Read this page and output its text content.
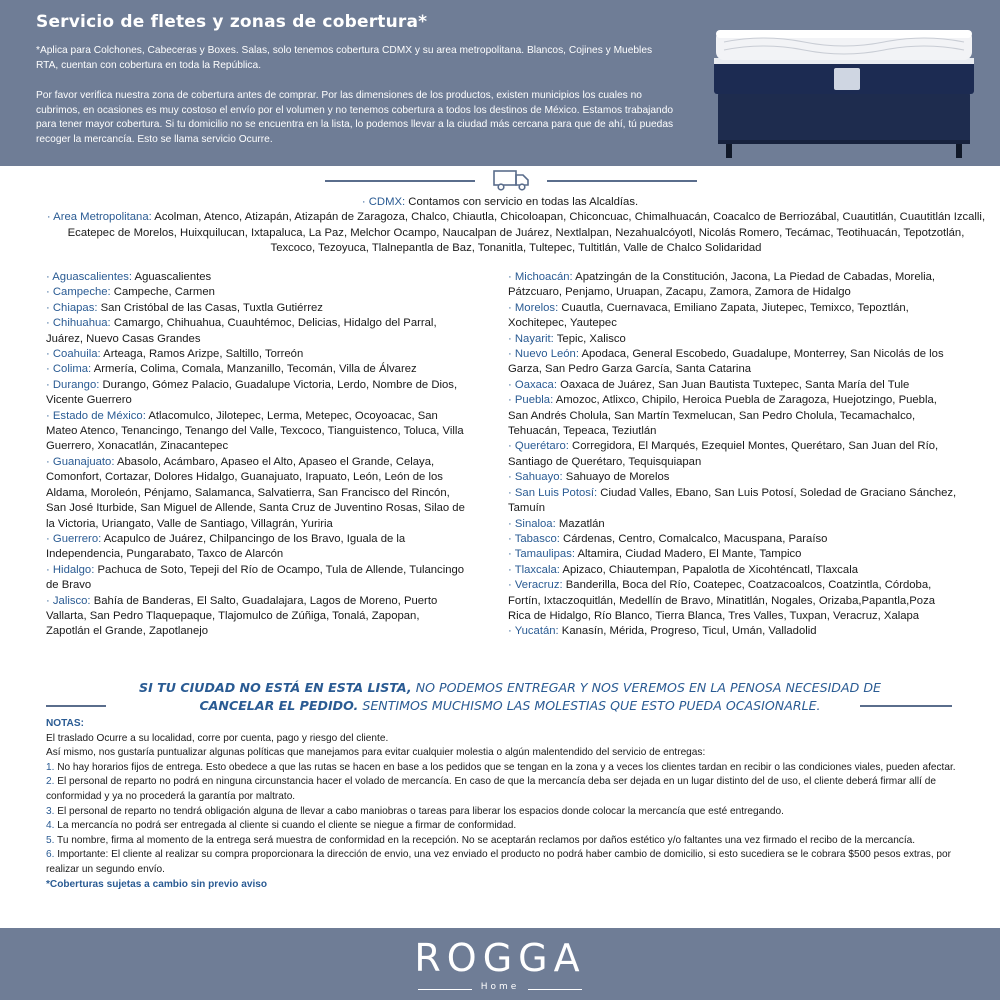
Servicio de fletes y zonas de cobertura*

*Aplica para Colchones, Cabeceras y Boxes. Salas, solo tenemos cobertura CDMX y su area metropolitana. Blancos, Cojines y Muebles RTA, cuentan con cobertura en toda la República.

Por favor verifica nuestra zona de cobertura antes de comprar. Por las dimensiones de los productos, existen municipios los cuales no cubrimos, en ocasiones es muy costoso el envío por el volumen y no tenemos cobertura a todos los destinos de México. Estamos trabajando para tener mayor cobertura. Si tu domicilio no se encuentra en la lista, lo podemos llevar a la ciudad más cercana para que de ahí, tú puedas recoger la mercancía. Esto se llama servicio Ocurre.

· CDMX: Contamos con servicio en todas las Alcaldías.
· Area Metropolitana: Acolman, Atenco, Atizapán, Atizapán de Zaragoza, Chalco, Chiautla, Chicoloapan, Chiconcuac, Chimalhuacán, Coacalco de Berriozábal, Cuautitlán, Cuautitlán Izcalli, Ecatepec de Morelos, Huixquilucan, Ixtapaluca, La Paz, Melchor Ocampo, Naucalpan de Juárez, Nextlalpan, Nezahualcóyotl, Nicolás Romero, Tecámac, Teotihuacán, Tepotzotlán, Texcoco, Tezoyuca, Tlalnepantla de Baz, Tonanitla, Tultepec, Tultitlán, Valle de Chalco Solidaridad
· Aguascalientes: Aguascalientes
· Campeche: Campeche, Carmen
· Chiapas: San Cristóbal de las Casas, Tuxtla Gutiérrez
· Chihuahua: Camargo, Chihuahua, Cuauhtémoc, Delicias, Hidalgo del Parral, Juárez, Nuevo Casas Grandes
· Coahuila: Arteaga, Ramos Arizpe, Saltillo, Torreón
· Colima: Armería, Colima, Comala, Manzanillo, Tecomán, Villa de Álvarez
· Durango: Durango, Gómez Palacio, Guadalupe Victoria, Lerdo, Nombre de Dios, Vicente Guerrero
· Estado de México: Atlacomulco, Jilotepec, Lerma, Metepec, Ocoyoacac, San Mateo Atenco, Tenancingo, Tenango del Valle, Texcoco, Tianguistenco, Toluca, Villa Guerrero, Xonacatlán, Zinacantepec
· Guanajuato: Abasolo, Acámbaro, Apaseo el Alto, Apaseo el Grande, Celaya, Comonfort, Cortazar, Dolores Hidalgo, Guanajuato, Irapuato, León, León de los Aldama, Moroleón, Pénjamo, Salamanca, Salvatierra, San Francisco del Rincón, San José Iturbide, San Miguel de Allende, Santa Cruz de Juventino Rosas, Silao de la Victoria, Uriangato, Valle de Santiago, Villagrán, Yuriria
· Guerrero: Acapulco de Juárez, Chilpancingo de los Bravo, Iguala de la Independencia, Pungarabato, Taxco de Alarcón
· Hidalgo: Pachuca de Soto, Tepeji del Río de Ocampo, Tula de Allende, Tulancingo de Bravo
· Jalisco: Bahía de Banderas, El Salto, Guadalajara, Lagos de Moreno, Puerto Vallarta, San Pedro Tlaquepaque, Tlajomulco de Zúñiga, Tonalá, Zapopan, Zapotlán el Grande, Zapotlanejo
· Michoacán: Apatzingán de la Constitución, Jacona, La Piedad de Cabadas, Morelia, Pátzcuaro, Penjamo, Uruapan, Zacapu, Zamora, Zamora de Hidalgo
· Morelos: Cuautla, Cuernavaca, Emiliano Zapata, Jiutepec, Temixco, Tepoztlán, Xochitepec, Yautepec
· Nayarit: Tepic, Xalisco
· Nuevo León: Apodaca, General Escobedo, Guadalupe, Monterrey, San Nicolás de los Garza, San Pedro Garza García, Santa Catarina
· Oaxaca: Oaxaca de Juárez, San Juan Bautista Tuxtepec, Santa María del Tule
· Puebla: Amozoc, Atlixco, Chipilo, Heroica Puebla de Zaragoza, Huejotzingo, Puebla, San Andrés Cholula, San Martín Texmelucan, San Pedro Cholula, Tecamachalco,
Tehuacán, Tepeaca, Teziutlán
· Querétaro: Corregidora, El Marqués, Ezequiel Montes, Querétaro, San Juan del Río, Santiago de Querétaro, Tequisquiapan
· Sahuayo: Sahuayo de Morelos
· San Luis Potosí: Ciudad Valles, Ebano, San Luis Potosí, Soledad de Graciano Sánchez, Tamuín
· Sinaloa: Mazatlán
· Tabasco: Cárdenas, Centro, Comalcalco, Macuspana, Paraíso
· Tamaulipas: Altamira, Ciudad Madero, El Mante, Tampico
· Tlaxcala: Apizaco, Chiautempan, Papalotla de Xicohténcatl, Tlaxcala
· Veracruz: Banderilla, Boca del Río, Coatepec, Coatzacoalcos, Coatzintla, Córdoba, Fortín, Ixtaczoquitlán, Medellín de Bravo, Minatitlán, Nogales, Orizaba,Papantla,Poza Rica de Hidalgo, Río Blanco, Tierra Blanca, Tres Valles, Tuxpan, Veracruz, Xalapa
· Yucatán: Kanasín, Mérida, Progreso, Ticul, Umán, Valladolid
SI TU CIUDAD NO ESTÁ EN ESTA LISTA, NO PODEMOS ENTREGAR Y NOS VEREMOS EN LA PENOSA NECESIDAD DE
CANCELAR EL PEDIDO. SENTIMOS MUCHISMO LAS MOLESTIAS QUE ESTO PUEDA OCASIONARLE.

NOTAS:

El traslado Ocurre a su localidad, corre por cuenta, pago y riesgo del cliente.

Así mismo, nos gustaría puntualizar algunas políticas que manejamos para evitar cualquier molestia o algún malentendido del servicio de entregas:

1. No hay horarios fijos de entrega. Esto obedece a que las rutas se hacen en base a los pedidos que se tengan en la zona y a veces los clientes tardan en recibir o las condiciones viales, pueden afectar.

2. El personal de reparto no podrá en ninguna circunstancia hacer el volado de mercancía. En caso de que la mercancía deba ser dejada en un lugar distinto del de uso, el cliente deberá firmar allí de conformidad y ya no procederá la garantía por maltrato.

3. El personal de reparto no tendrá obligación alguna de llevar a cabo maniobras o tareas para liberar los espacios donde colocar la mercancía que esté entregando.

4. La mercancía no podrá ser entregada al cliente si cuando el cliente se niegue a firmar de conformidad.

5. Tu nombre, firma al momento de la entrega será muestra de conformidad en la recepción. No se aceptarán reclamos por daños estético y/o faltantes una vez firmado el recibo de la mercancía.

6. Importante: El cliente al realizar su compra proporcionara la dirección de envio, una vez enviado el producto no podrá haber cambio de domicilio, si esto sucediera se le cobrara $500 pesos extras, por realizar un segundo envío.

*Coberturas sujetas a cambio sin previo aviso

ROGGA
Home
